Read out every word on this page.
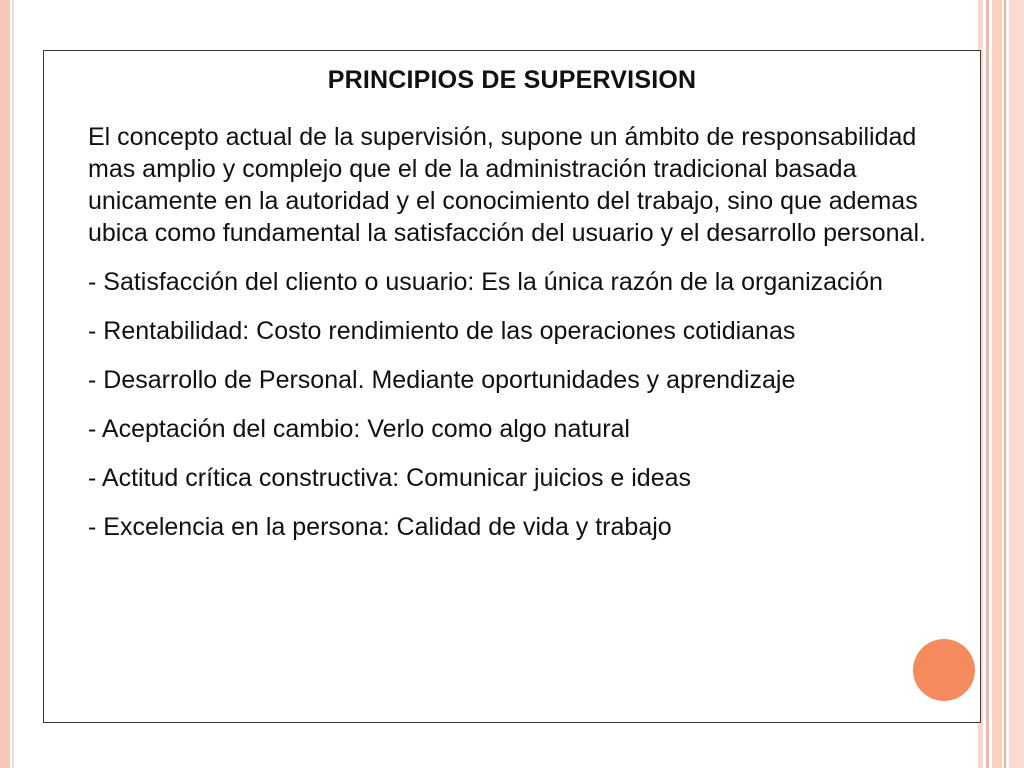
PRINCIPIOS DE SUPERVISION

El concepto actual de la supervisión, supone un ámbito de responsabilidad mas amplio y complejo que el de la administración tradicional basada unicamente en la autoridad y el conocimiento del trabajo, sino que ademas ubica como fundamental la satisfacción del usuario y el desarrollo personal.

- Satisfacción del cliento o usuario: Es la única razón de la organización

- Rentabilidad: Costo rendimiento de las operaciones cotidianas

- Desarrollo de Personal. Mediante oportunidades y aprendizaje

- Aceptación del cambio: Verlo como algo natural

- Actitud crítica constructiva: Comunicar juicios e ideas

- Excelencia en la persona: Calidad de vida y trabajo
